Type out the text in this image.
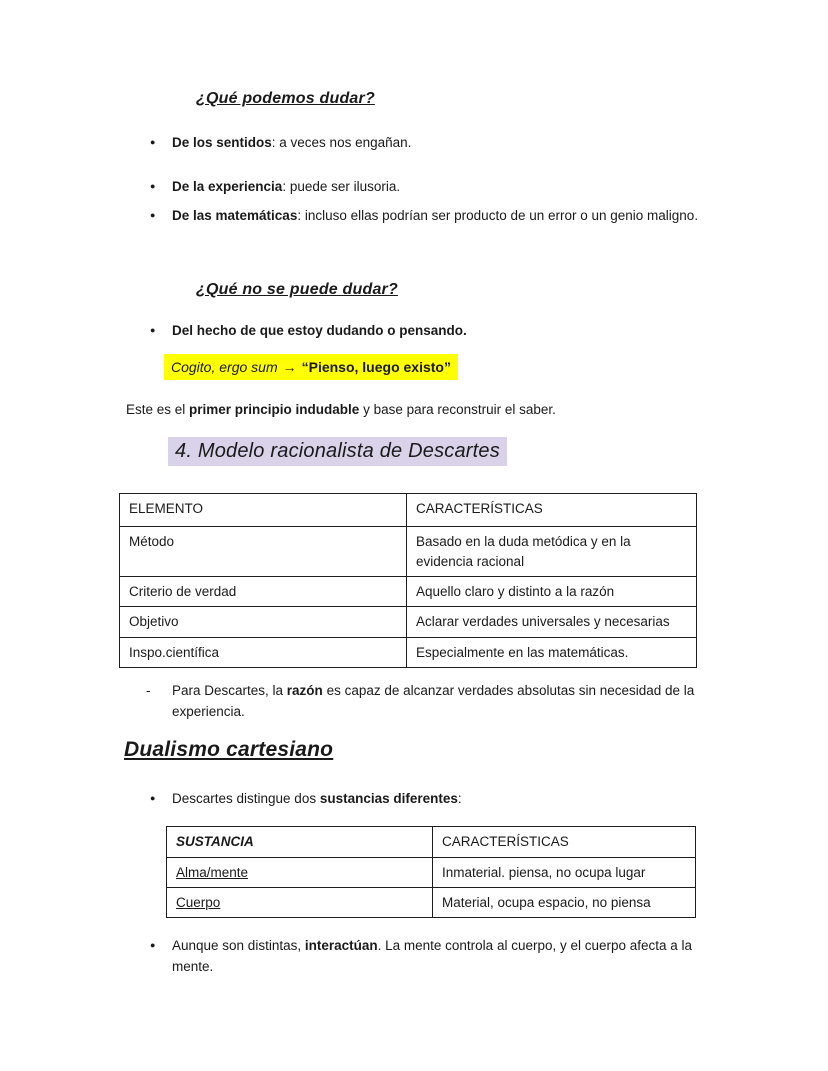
¿Qué podemos dudar?
●	De los sentidos: a veces nos engañan.
●	De la experiencia: puede ser ilusoria.
●	De las matemáticas: incluso ellas podrían ser producto de un error o un genio maligno.
¿Qué no se puede dudar?
●	Del hecho de que estoy dudando o pensando.
Cogito, ergo sum → “Pienso, luego existo”
Este es el primer principio indudable y base para reconstruir el saber.
4. Modelo racionalista de Descartes
ELEMENTO	CARACTERÍSTICAS
Método	Basado en la duda metódica y en la evidencia racional
Criterio de verdad	Aquello claro y distinto a la razón
Objetivo	Aclarar verdades universales y necesarias
Inspo.científica	Especialmente en las matemáticas.
-	Para Descartes, la razón es capaz de alcanzar verdades absolutas sin necesidad de la experiencia.
Dualismo cartesiano
●	Descartes distingue dos sustancias diferentes:
SUSTANCIA	CARACTERÍSTICAS
Alma/mente	Inmaterial. piensa, no ocupa lugar
Cuerpo	Material, ocupa espacio, no piensa
●	Aunque son distintas, interactúan. La mente controla al cuerpo, y el cuerpo afecta a la mente.
